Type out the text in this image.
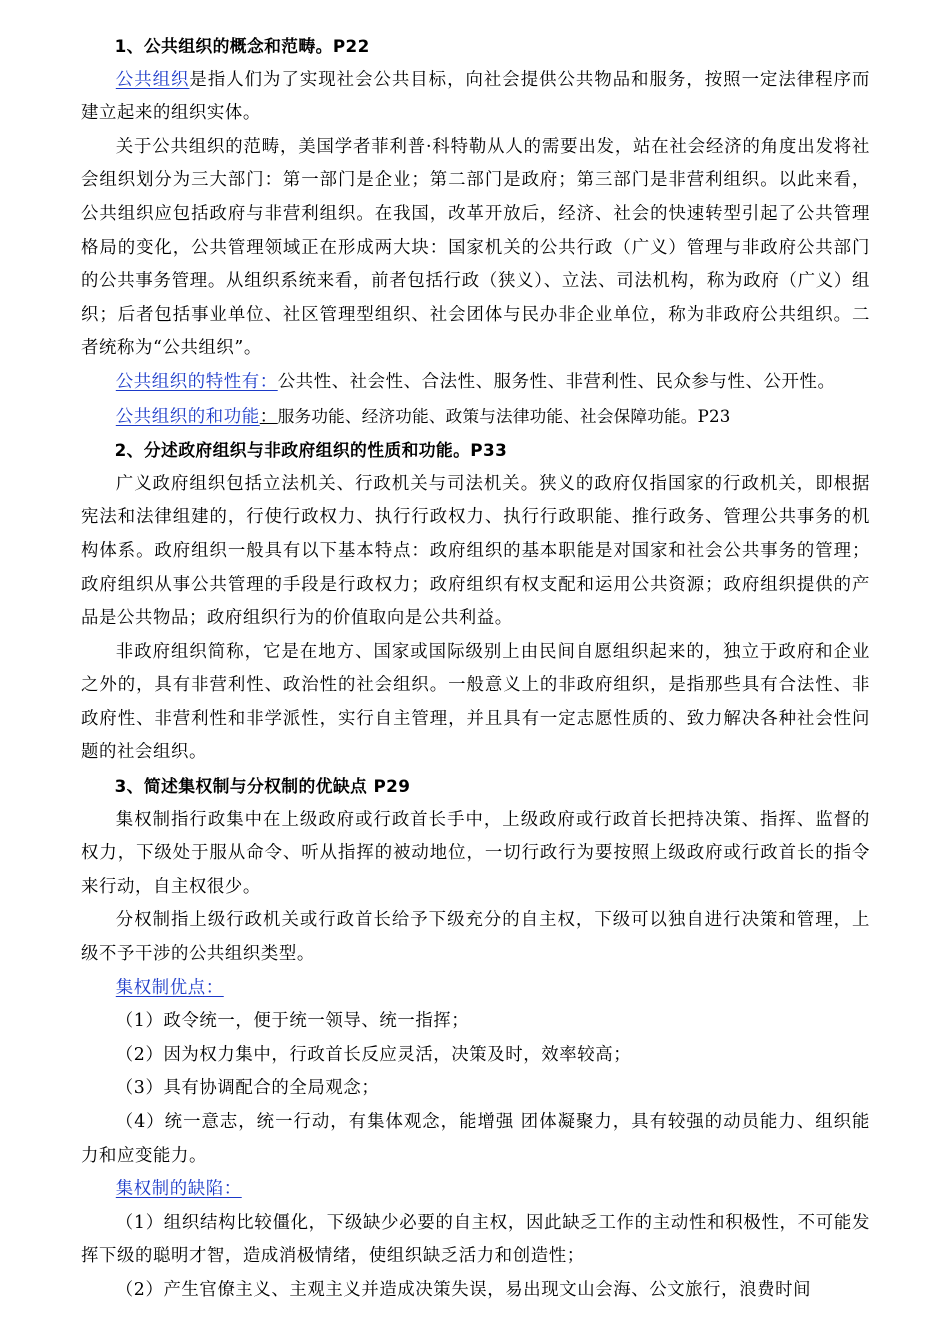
1、公共组织的概念和范畴。P22

公共组织是指人们为了实现社会公共目标，向社会提供公共物品和服务，按照一定法律程序而建立起来的组织实体。

关于公共组织的范畴，美国学者菲利普·科特勒从人的需要出发，站在社会经济的角度出发将社会组织划分为三大部门：第一部门是企业；第二部门是政府；第三部门是非营利组织。以此来看，公共组织应包括政府与非营利组织。在我国，改革开放后，经济、社会的快速转型引起了公共管理格局的变化，公共管理领域正在形成两大块：国家机关的公共行政（广义）管理与非政府公共部门的公共事务管理。从组织系统来看，前者包括行政（狭义）、立法、司法机构，称为政府（广义）组织；后者包括事业单位、社区管理型组织、社会团体与民办非企业单位，称为非政府公共组织。二者统称为“公共组织”。

公共组织的特性有：公共性、社会性、合法性、服务性、非营利性、民众参与性、公开性。

公共组织的和功能：服务功能、经济功能、政策与法律功能、社会保障功能。P23

2、分述政府组织与非政府组织的性质和功能。P33

广义政府组织包括立法机关、行政机关与司法机关。狭义的政府仅指国家的行政机关，即根据宪法和法律组建的，行使行政权力、执行行政权力、执行行政职能、推行政务、管理公共事务的机构体系。政府组织一般具有以下基本特点：政府组织的基本职能是对国家和社会公共事务的管理；政府组织从事公共管理的手段是行政权力；政府组织有权支配和运用公共资源；政府组织提供的产品是公共物品；政府组织行为的价值取向是公共利益。

非政府组织简称，它是在地方、国家或国际级别上由民间自愿组织起来的，独立于政府和企业之外的，具有非营利性、政治性的社会组织。一般意义上的非政府组织，是指那些具有合法性、非政府性、非营利性和非学派性，实行自主管理，并且具有一定志愿性质的、致力解决各种社会性问题的社会组织。

3、简述集权制与分权制的优缺点 P29

集权制指行政集中在上级政府或行政首长手中，上级政府或行政首长把持决策、指挥、监督的权力，下级处于服从命令、听从指挥的被动地位，一切行政行为要按照上级政府或行政首长的指令来行动，自主权很少。

分权制指上级行政机关或行政首长给予下级充分的自主权，下级可以独自进行决策和管理，上级不予干涉的公共组织类型。

集权制优点：

（1）政令统一，便于统一领导、统一指挥；

（2）因为权力集中，行政首长反应灵活，决策及时，效率较高；

（3）具有协调配合的全局观念；

（4）统一意志，统一行动，有集体观念，能增强 团体凝聚力，具有较强的动员能力、组织能力和应变能力。

集权制的缺陷：

（1）组织结构比较僵化，下级缺少必要的自主权，因此缺乏工作的主动性和积极性，不可能发挥下级的聪明才智，造成消极情绪，使组织缺乏活力和创造性；

（2）产生官僚主义、主观主义并造成决策失误，易出现文山会海、公文旅行，浪费时间
